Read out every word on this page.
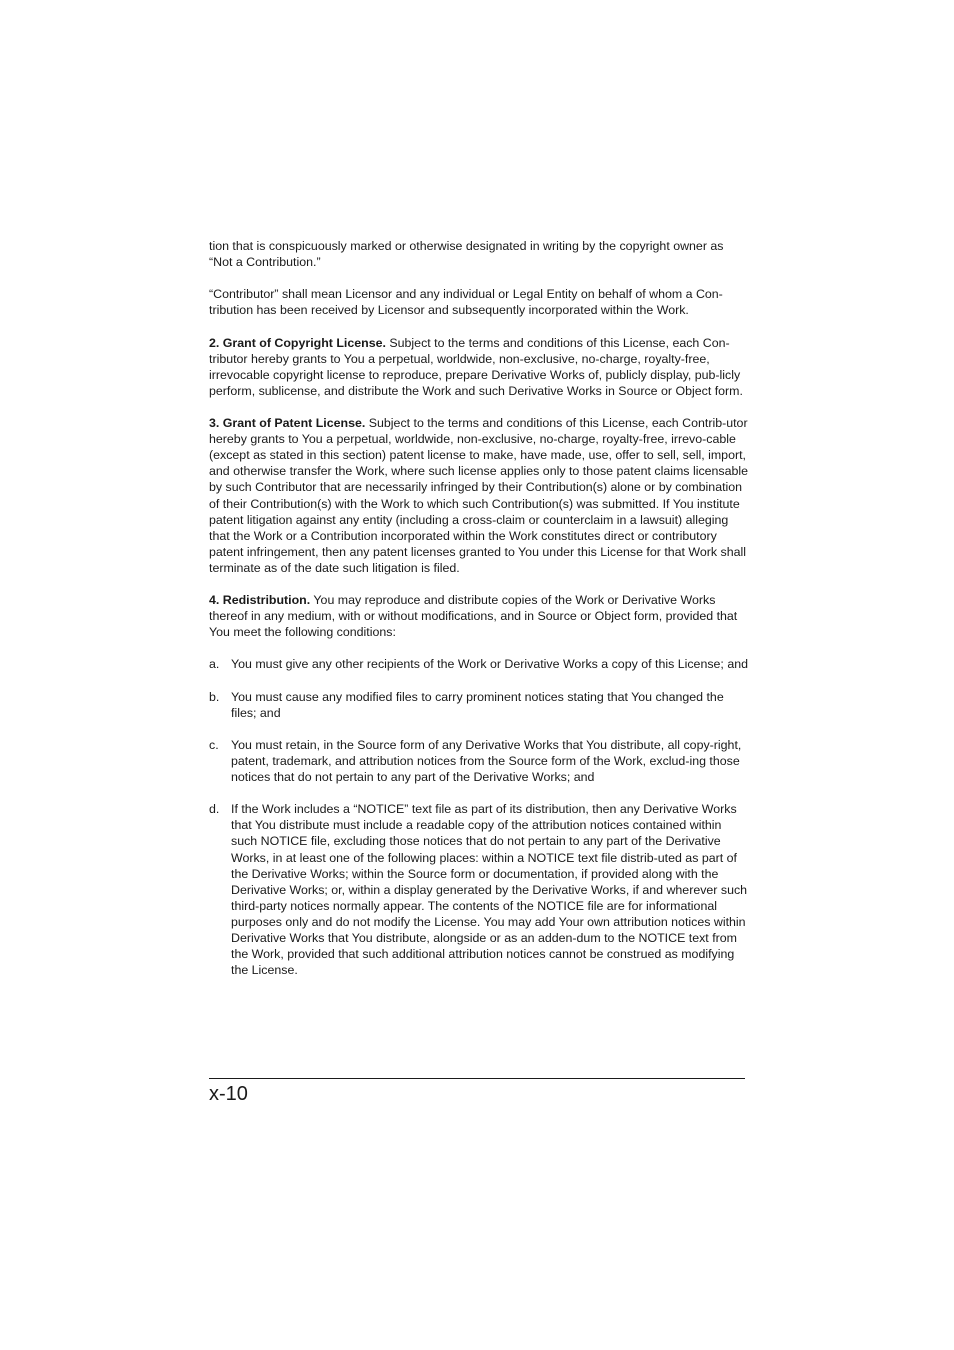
tion that is conspicuously marked or otherwise designated in writing by the copyright owner as “Not a Contribution.”

“Contributor” shall mean Licensor and any individual or Legal Entity on behalf of whom a Con-tribution has been received by Licensor and subsequently incorporated within the Work.

2. Grant of Copyright License. Subject to the terms and conditions of this License, each Con-tributor hereby grants to You a perpetual, worldwide, non-exclusive, no-charge, royalty-free, irrevocable copyright license to reproduce, prepare Derivative Works of, publicly display, pub-licly perform, sublicense, and distribute the Work and such Derivative Works in Source or Object form.

3. Grant of Patent License. Subject to the terms and conditions of this License, each Contrib-utor hereby grants to You a perpetual, worldwide, non-exclusive, no-charge, royalty-free, irrevo-cable (except as stated in this section) patent license to make, have made, use, offer to sell, sell, import, and otherwise transfer the Work, where such license applies only to those patent claims licensable by such Contributor that are necessarily infringed by their Contribution(s) alone or by combination of their Contribution(s) with the Work to which such Contribution(s) was submitted. If You institute patent litigation against any entity (including a cross-claim or counterclaim in a lawsuit) alleging that the Work or a Contribution incorporated within the Work constitutes direct or contributory patent infringement, then any patent licenses granted to You under this License for that Work shall terminate as of the date such litigation is filed.

4. Redistribution. You may reproduce and distribute copies of the Work or Derivative Works thereof in any medium, with or without modifications, and in Source or Object form, provided that You meet the following conditions:

a. You must give any other recipients of the Work or Derivative Works a copy of this License; and
b. You must cause any modified files to carry prominent notices stating that You changed the files; and
c. You must retain, in the Source form of any Derivative Works that You distribute, all copy-right, patent, trademark, and attribution notices from the Source form of the Work, exclud-ing those notices that do not pertain to any part of the Derivative Works; and
d. If the Work includes a “NOTICE” text file as part of its distribution, then any Derivative Works that You distribute must include a readable copy of the attribution notices contained within such NOTICE file, excluding those notices that do not pertain to any part of the Derivative Works, in at least one of the following places: within a NOTICE text file distrib-uted as part of the Derivative Works; within the Source form or documentation, if provided along with the Derivative Works; or, within a display generated by the Derivative Works, if and wherever such third-party notices normally appear. The contents of the NOTICE file are for informational purposes only and do not modify the License. You may add Your own attribution notices within Derivative Works that You distribute, alongside or as an adden-dum to the NOTICE text from the Work, provided that such additional attribution notices cannot be construed as modifying the License.
x-10
